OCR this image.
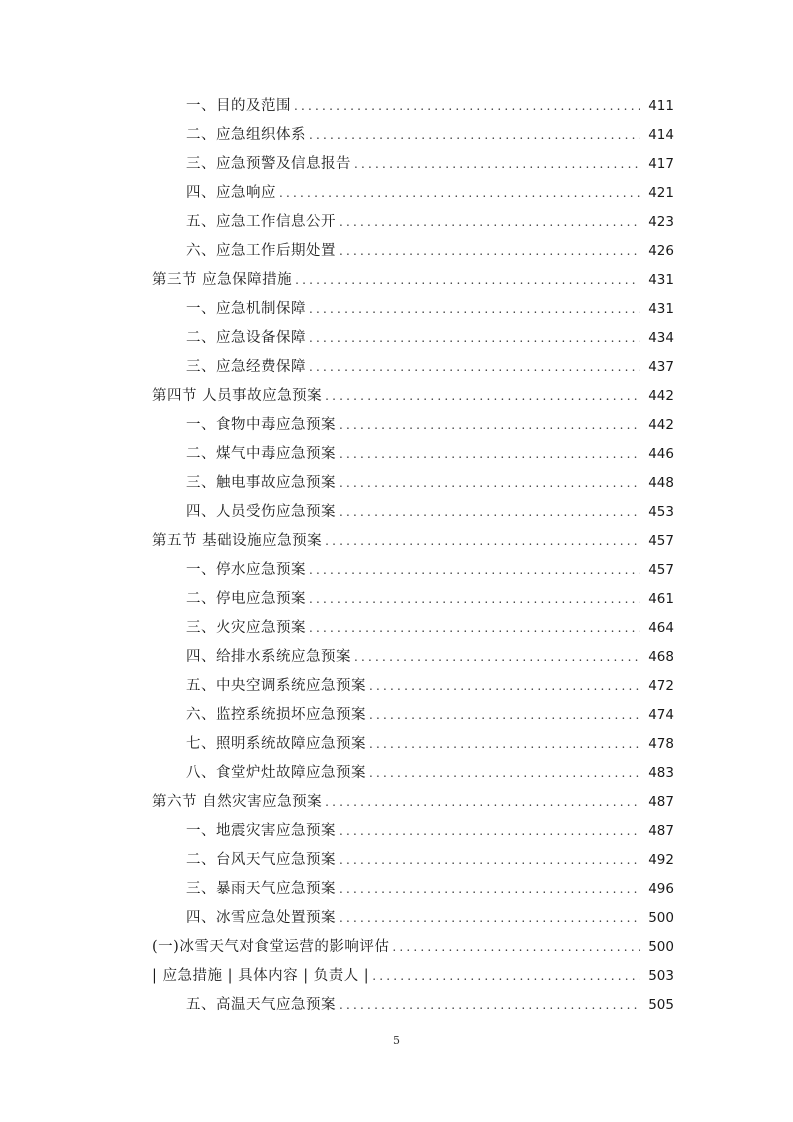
一、目的及范围 .....	411
二、应急组织体系 .....	414
三、应急预警及信息报告 .....	417
四、应急响应 .....	421
五、应急工作信息公开 .....	423
六、应急工作后期处置 .....	426
第三节 应急保障措施 .....	431
一、应急机制保障 .....	431
二、应急设备保障 .....	434
三、应急经费保障 .....	437
第四节 人员事故应急预案 .....	442
一、食物中毒应急预案 .....	442
二、煤气中毒应急预案 .....	446
三、触电事故应急预案 .....	448
四、人员受伤应急预案 .....	453
第五节 基础设施应急预案 .....	457
一、停水应急预案 .....	457
二、停电应急预案 .....	461
三、火灾应急预案 .....	464
四、给排水系统应急预案 .....	468
五、中央空调系统应急预案 .....	472
六、监控系统损坏应急预案 .....	474
七、照明系统故障应急预案 .....	478
八、食堂炉灶故障应急预案 .....	483
第六节 自然灾害应急预案 .....	487
一、地震灾害应急预案 .....	487
二、台风天气应急预案 .....	492
三、暴雨天气应急预案 .....	496
四、冰雪应急处置预案 .....	500
(一)冰雪天气对食堂运营的影响评估 .....	500
| 应急措施 | 具体内容 | 负责人 | .....	503
五、高温天气应急预案 .....	505
5
